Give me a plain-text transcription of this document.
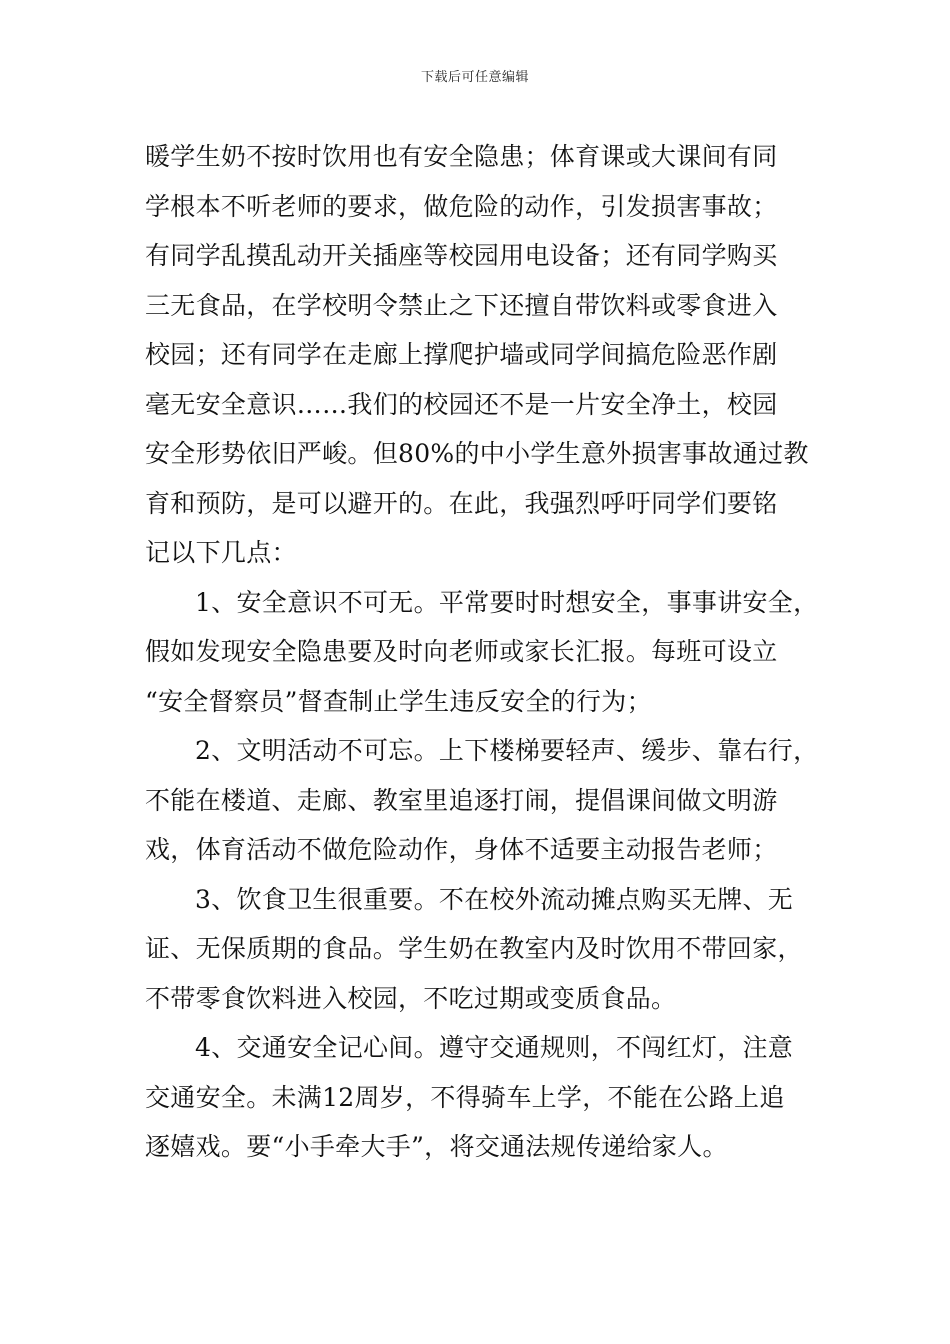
下载后可任意编辑
暖学生奶不按时饮用也有安全隐患；体育课或大课间有同
学根本不听老师的要求，做危险的动作，引发损害事故；
有同学乱摸乱动开关插座等校园用电设备；还有同学购买
三无食品，在学校明令禁止之下还擅自带饮料或零食进入
校园；还有同学在走廊上撑爬护墙或同学间搞危险恶作剧
毫无安全意识……我们的校园还不是一片安全净土，校园
安全形势依旧严峻。但80%的中小学生意外损害事故通过教
育和预防，是可以避开的。在此，我强烈呼吁同学们要铭
记以下几点：
1、安全意识不可无。平常要时时想安全，事事讲安全，
假如发现安全隐患要及时向老师或家长汇报。每班可设立
“安全督察员”督查制止学生违反安全的行为；
2、文明活动不可忘。上下楼梯要轻声、缓步、靠右行，
不能在楼道、走廊、教室里追逐打闹，提倡课间做文明游
戏，体育活动不做危险动作，身体不适要主动报告老师；
3、饮食卫生很重要。不在校外流动摊点购买无牌、无
证、无保质期的食品。学生奶在教室内及时饮用不带回家，
不带零食饮料进入校园，不吃过期或变质食品。
4、交通安全记心间。遵守交通规则，不闯红灯，注意
交通安全。未满12周岁，不得骑车上学，不能在公路上追
逐嬉戏。要“小手牵大手”，将交通法规传递给家人。
